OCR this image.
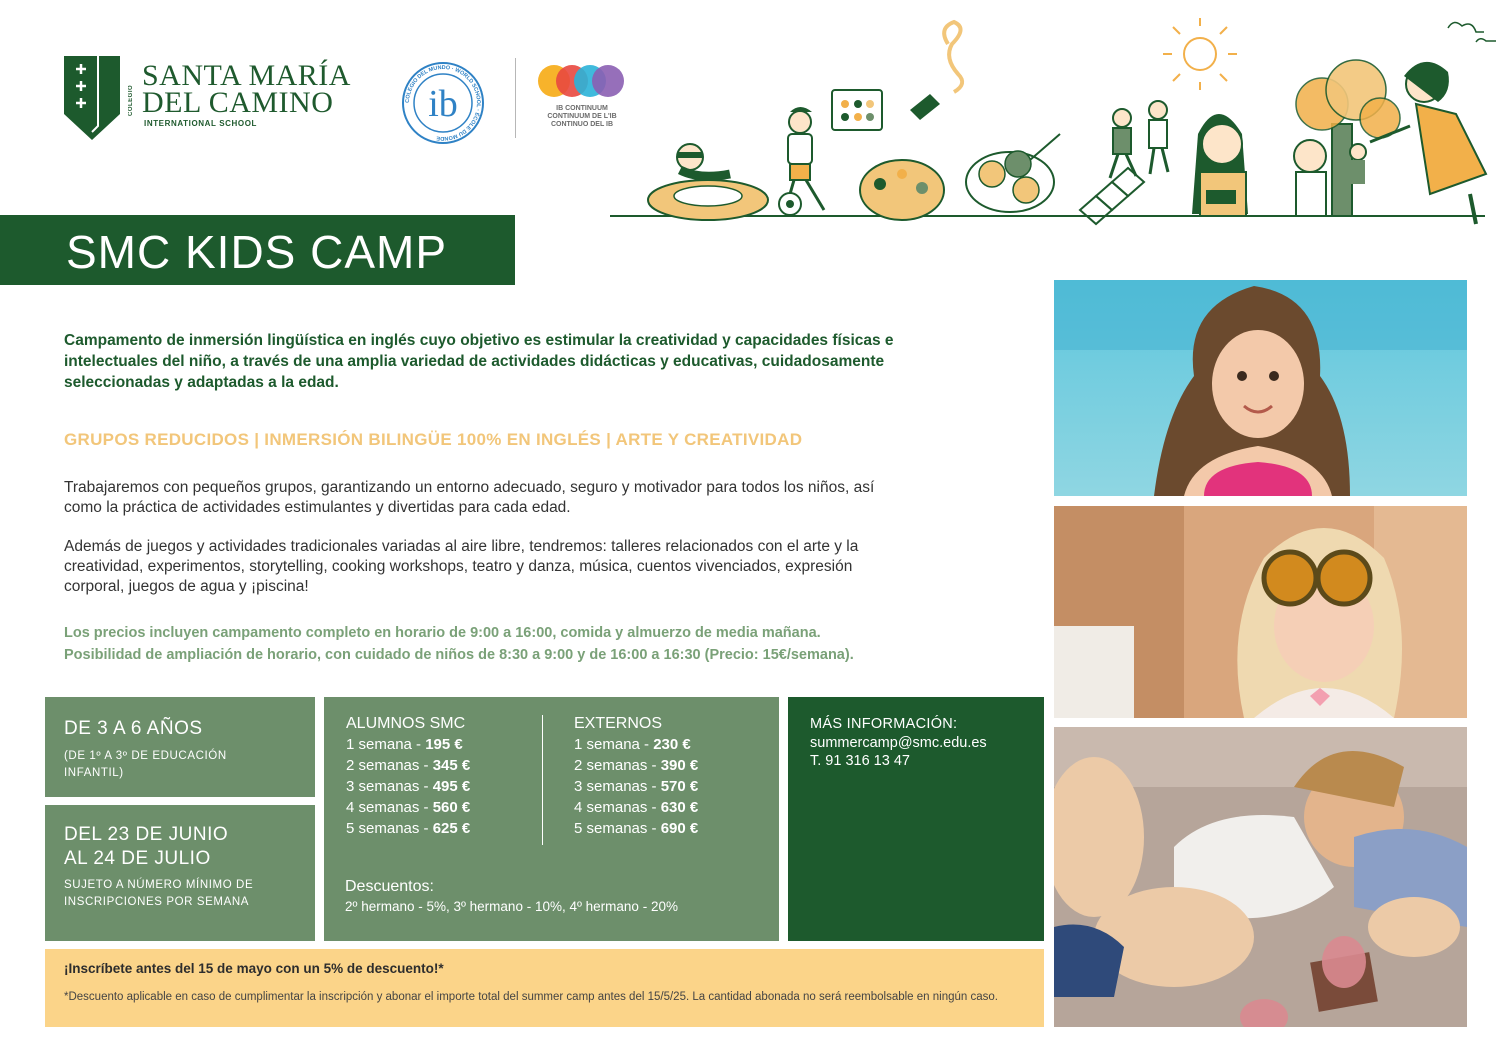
COLEGIO
SANTA MARÍA
DEL CAMINO
INTERNATIONAL SCHOOL
COLEGIO DEL MUNDO · WORLD SCHOOL · ÉCOLE DU MONDE
ib	IB CONTINUUM
CONTINUUM DE L'IB
CONTINUO DEL IB
SMC KIDS CAMP
Campamento de inmersión lingüística en inglés cuyo objetivo es estimular la creatividad y capacidades físicas e intelectuales del niño, a través de una amplia variedad de actividades didácticas y educativas, cuidadosamente seleccionadas y adaptadas a la edad.
GRUPOS REDUCIDOS | INMERSIÓN BILINGÜE 100% EN INGLÉS | ARTE Y CREATIVIDAD
Trabajaremos con pequeños grupos, garantizando un entorno adecuado, seguro y motivador para todos los niños, así como la práctica de actividades estimulantes y divertidas para cada edad.
Además de juegos y actividades tradicionales variadas al aire libre, tendremos: talleres relacionados con el arte y la creatividad, experimentos, storytelling, cooking workshops, teatro y danza, música, cuentos vivenciados, expresión corporal, juegos de agua y ¡piscina!
Los precios incluyen campamento completo en horario de 9:00 a 16:00, comida y almuerzo de media mañana.
Posibilidad de ampliación de horario, con cuidado de niños de 8:30 a 9:00 y de 16:00 a 16:30 (Precio: 15€/semana).
DE 3 A 6 AÑOS
(DE 1º A 3º DE EDUCACIÓN INFANTIL)
DEL 23 DE JUNIO
AL 24 DE JULIO
SUJETO A NÚMERO MÍNIMO DE INSCRIPCIONES POR SEMANA
ALUMNOS SMC
1 semana - 195 €
2 semanas - 345 €
3 semanas - 495 €
4 semanas - 560 €
5 semanas - 625 €
EXTERNOS
1 semana - 230 €
2 semanas - 390 €
3 semanas - 570 €
4 semanas - 630 €
5 semanas - 690 €
Descuentos:
2º hermano - 5%, 3º hermano - 10%, 4º hermano - 20%
MÁS INFORMACIÓN:
summercamp@smc.edu.es
T. 91 316 13 47
¡Inscríbete antes del 15 de mayo con un 5% de descuento!*
*Descuento aplicable en caso de cumplimentar la inscripción y abonar el importe total del summer camp antes del 15/5/25. La cantidad abonada no será reembolsable en ningún caso.
